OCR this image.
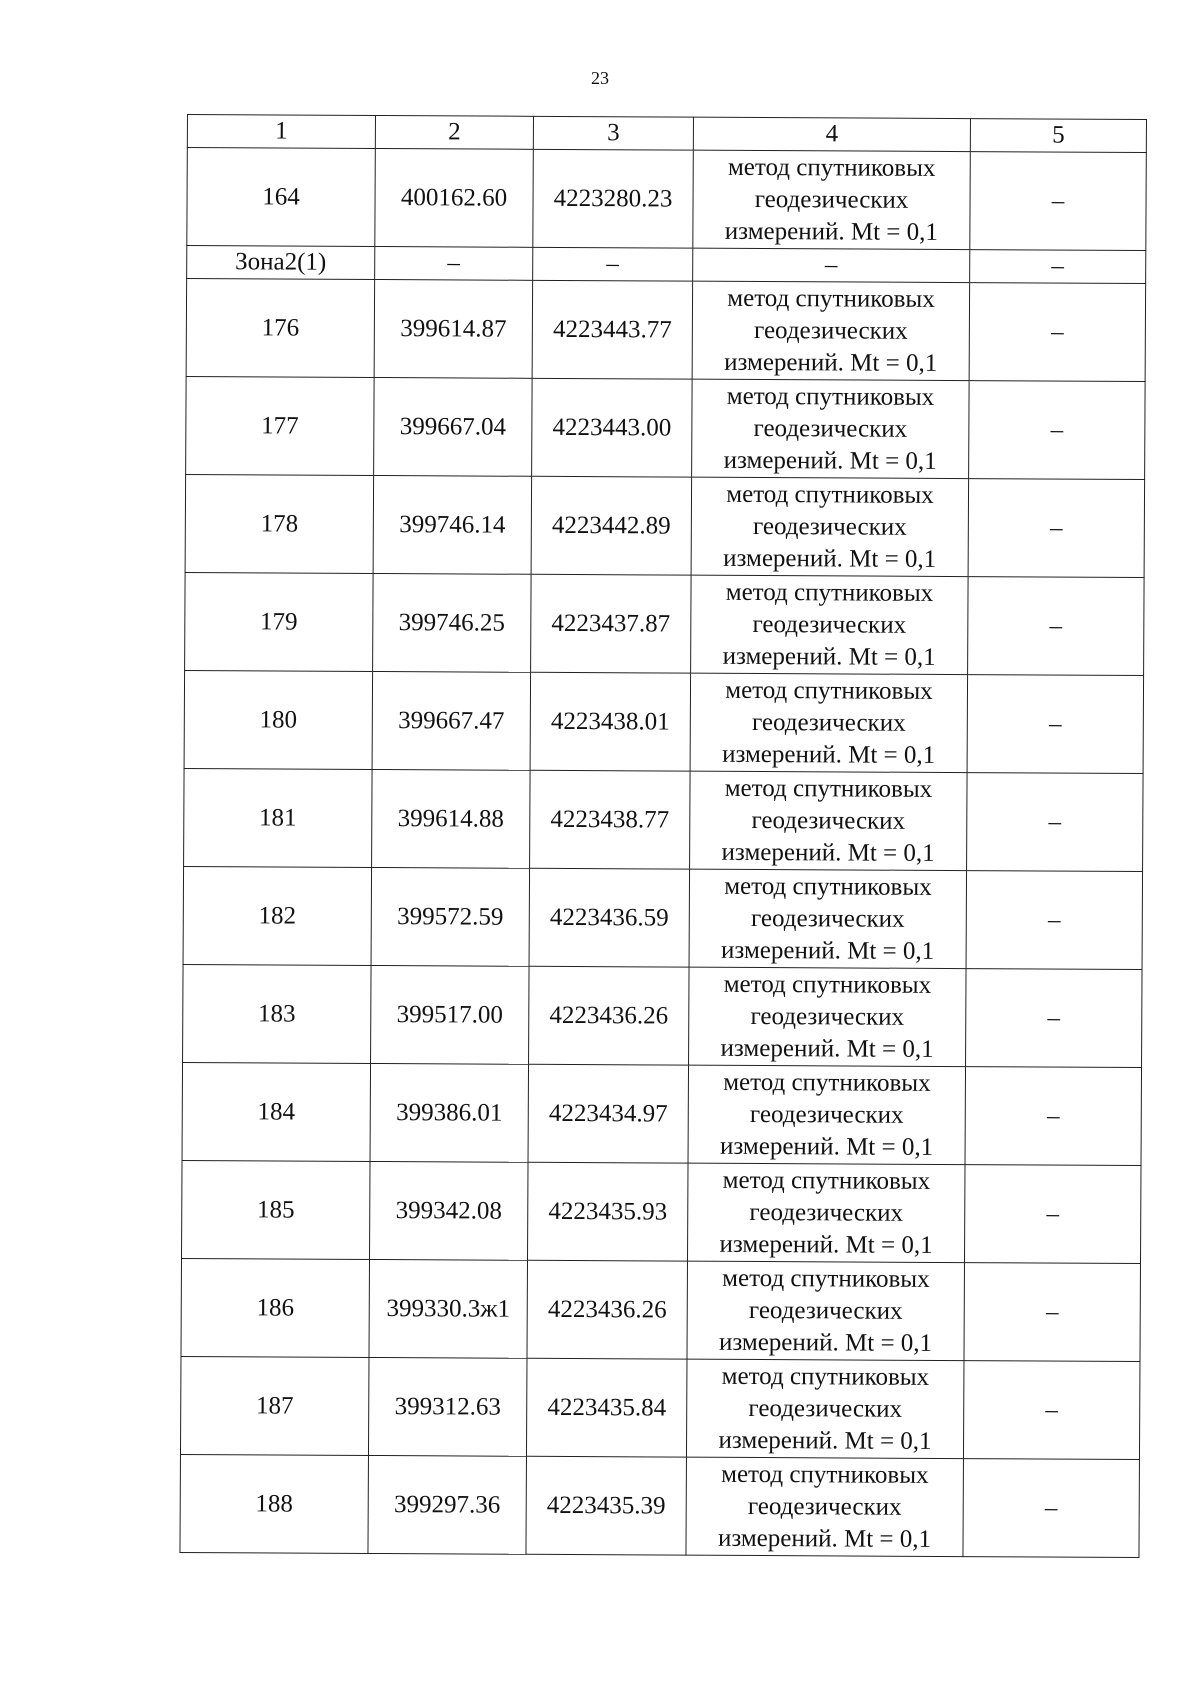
23
1	2	3	4	5
164	400162.60	4223280.23	метод спутниковых
геодезических
измерений. Mt = 0,1	–
Зона2(1)	–	–	–	–
176	399614.87	4223443.77	метод спутниковых
геодезических
измерений. Mt = 0,1	–
177	399667.04	4223443.00	метод спутниковых
геодезических
измерений. Mt = 0,1	–
178	399746.14	4223442.89	метод спутниковых
геодезических
измерений. Mt = 0,1	–
179	399746.25	4223437.87	метод спутниковых
геодезических
измерений. Mt = 0,1	–
180	399667.47	4223438.01	метод спутниковых
геодезических
измерений. Mt = 0,1	–
181	399614.88	4223438.77	метод спутниковых
геодезических
измерений. Mt = 0,1	–
182	399572.59	4223436.59	метод спутниковых
геодезических
измерений. Mt = 0,1	–
183	399517.00	4223436.26	метод спутниковых
геодезических
измерений. Mt = 0,1	–
184	399386.01	4223434.97	метод спутниковых
геодезических
измерений. Mt = 0,1	–
185	399342.08	4223435.93	метод спутниковых
геодезических
измерений. Mt = 0,1	–
186	399330.3ж1	4223436.26	метод спутниковых
геодезических
измерений. Mt = 0,1	–
187	399312.63	4223435.84	метод спутниковых
геодезических
измерений. Mt = 0,1	–
188	399297.36	4223435.39	метод спутниковых
геодезических
измерений. Mt = 0,1	–
